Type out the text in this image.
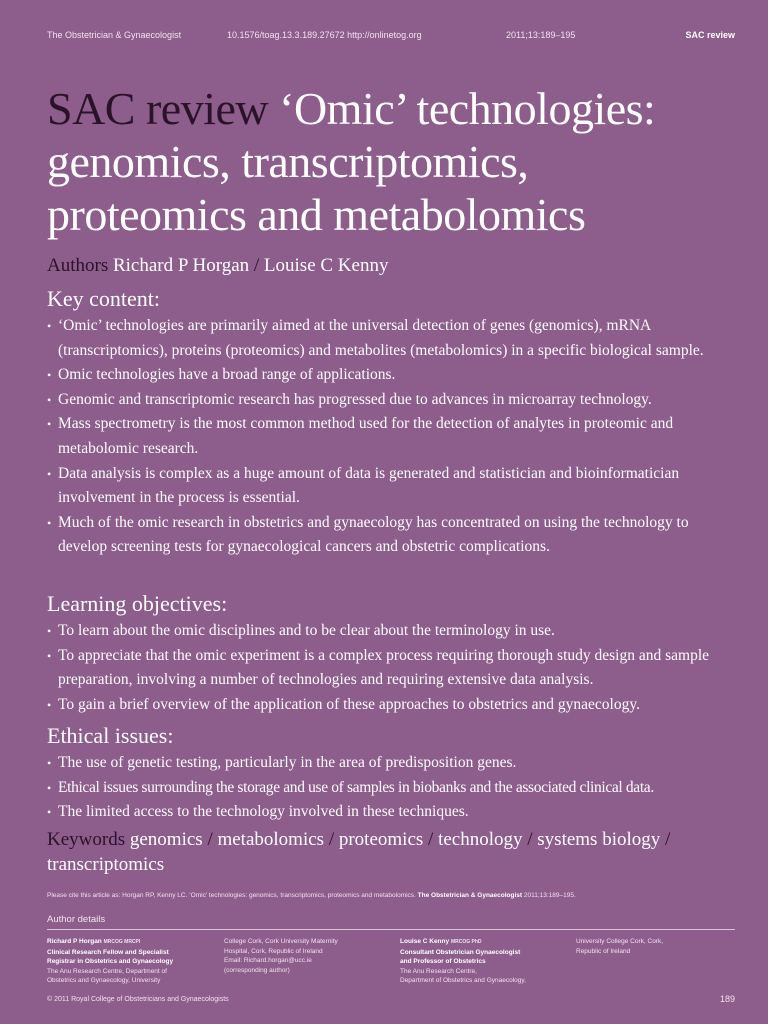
The Obstetrician & Gynaecologist	10.1576/toag.13.3.189.27672 http://onlinetog.org	2011;13:189–195	SAC review
SAC review ‘Omic’ technologies: genomics, transcriptomics, proteomics and metabolomics
Authors Richard P Horgan / Louise C Kenny
Key content:
• ‘Omic’ technologies are primarily aimed at the universal detection of genes (genomics), mRNA (transcriptomics), proteins (proteomics) and metabolites (metabolomics) in a specific biological sample.
• Omic technologies have a broad range of applications.
• Genomic and transcriptomic research has progressed due to advances in microarray technology.
• Mass spectrometry is the most common method used for the detection of analytes in proteomic and metabolomic research.
• Data analysis is complex as a huge amount of data is generated and statistician and bioinformatician involvement in the process is essential.
• Much of the omic research in obstetrics and gynaecology has concentrated on using the technology to develop screening tests for gynaecological cancers and obstetric complications.
Learning objectives:
• To learn about the omic disciplines and to be clear about the terminology in use.
• To appreciate that the omic experiment is a complex process requiring thorough study design and sample preparation, involving a number of technologies and requiring extensive data analysis.
• To gain a brief overview of the application of these approaches to obstetrics and gynaecology.
Ethical issues:
• The use of genetic testing, particularly in the area of predisposition genes.
• Ethical issues surrounding the storage and use of samples in biobanks and the associated clinical data.
• The limited access to the technology involved in these techniques.
Keywords genomics / metabolomics / proteomics / technology / systems biology / transcriptomics
Please cite this article as: Horgan RP, Kenny LC. ‘Omic’ technologies: genomics, transcriptomics, proteomics and metabolomics. The Obstetrician & Gynaecologist 2011;13:189–195.
Author details
Richard P Horgan MRCOG MRCPI
Clinical Research Fellow and Specialist
Registrar in Obstetrics and Gynaecology
The Anu Research Centre, Department of
Obstetrics and Gynaecology, University
College Cork, Cork University Maternity
Hospital, Cork, Republic of Ireland
Email: Richard.horgan@ucc.ie
(corresponding author)
Louise C Kenny MRCOG PhD
Consultant Obstetrician Gynaecologist
and Professor of Obstetrics
The Anu Research Centre,
Department of Obstetrics and Gynaecology,
University College Cork, Cork,
Republic of Ireland
© 2011 Royal College of Obstetricians and Gynaecologists	189
